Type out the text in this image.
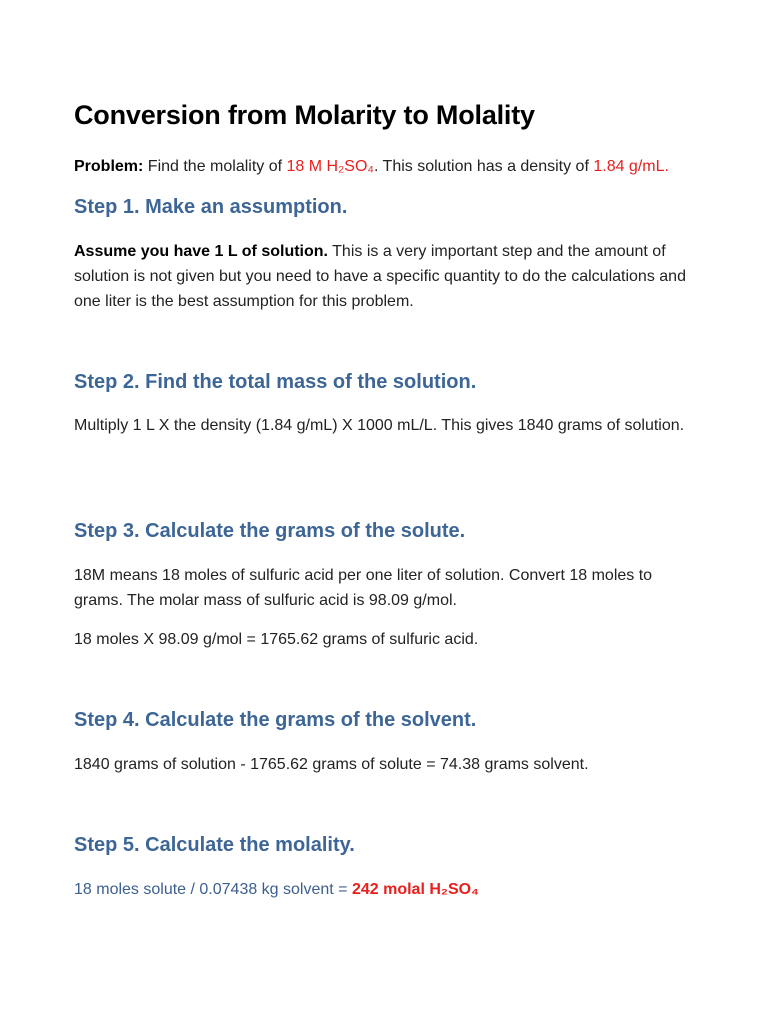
Conversion from Molarity to Molality
Problem: Find the molality of 18 M H₂SO₄. This solution has a density of 1.84 g/mL.
Step 1. Make an assumption.
Assume you have 1 L of solution. This is a very important step and the amount of solution is not given but you need to have a specific quantity to do the calculations and one liter is the best assumption for this problem.
Step 2. Find the total mass of the solution.
Multiply 1 L X the density (1.84 g/mL) X 1000 mL/L. This gives 1840 grams of solution.
Step 3. Calculate the grams of the solute.
18M means 18 moles of sulfuric acid per one liter of solution. Convert 18 moles to grams. The molar mass of sulfuric acid is 98.09 g/mol.
18 moles X 98.09 g/mol = 1765.62 grams of sulfuric acid.
Step 4. Calculate the grams of the solvent.
1840 grams of solution - 1765.62 grams of solute = 74.38 grams solvent.
Step 5. Calculate the molality.
18 moles solute / 0.07438 kg solvent = 242 molal H₂SO₄
